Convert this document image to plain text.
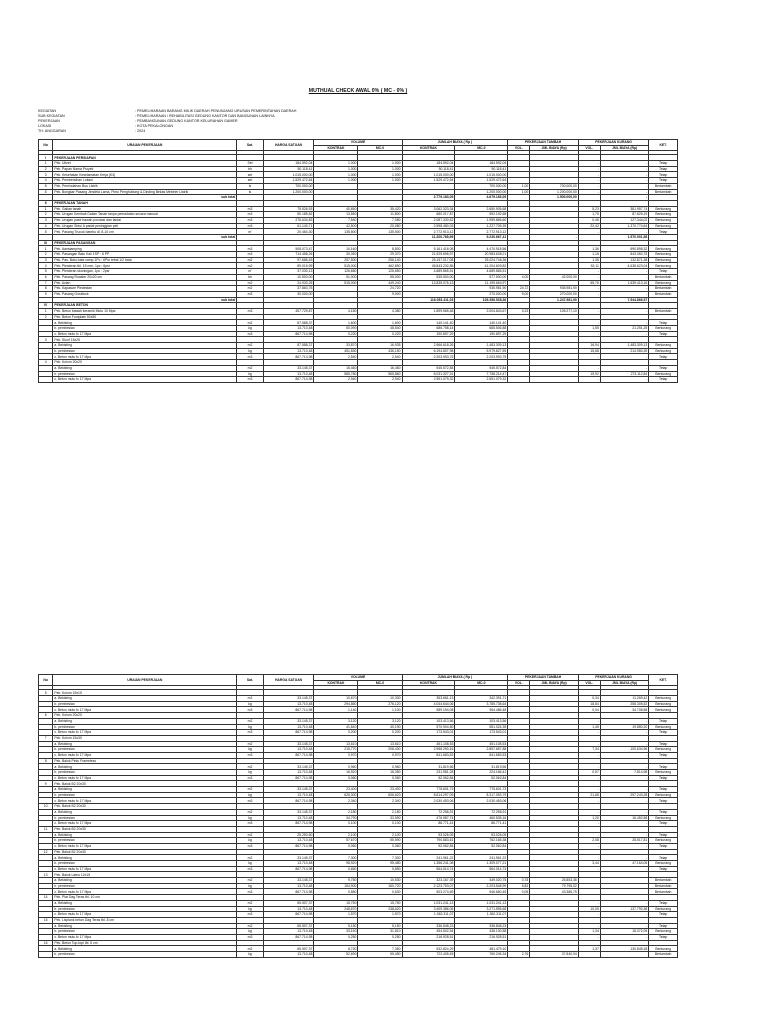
MUTHUAL CHECK AWAL 0% ( MC - 0% )
KEGIATAN	: PEMELIHARAAN BARANG MILIK DAERAH PENUNJANG URUSAN PEMERINTAHAN DAERAH
SUB KEGIATAN	: PEMELIHARAAN / REHABILITASI GEDUNG KANTOR DAN BANGUNAN LAINNYA
PEKERJAAN	: PEMBANGUNAN GEDUNG KANTOR KELURAHAN GAMER
LOKASI	: KOTA PEKALONGAN
TH. ANGGARAN	: 2024
No	URAIAN PEKERJAAN	Sat.	HARGA SATUAN	VOLUME		JUMLAH BIAYA ( Rp )		PEKERJAAN TAMBAH		PEKERJAAN KURANG		KET.
				KONTRAK	MC-0	KONTRAK	MC-0	VOL.	JML BIAYA (Rp)	VOL.	JML BIAYA (Rp)	

I	PEKERJAAN PERSIAPAN											
1	Pek. Uitzet	Set	184.592,04	1.000	1.000	184.592,04	184.592,04			-	-	Tetap
2	Pek. Papan Nama Proyek	bh	50.118,41	1.000	1.000	50.118,41	50.118,41			-	-	Tetap
3	Pek. Kesehatan Keselamatan Kerja (K3)	set	1.015.000,00	1.000	1.000	1.015.000,00	1.015.000,00			-	-	Tetap
4	Pek. Pembersihan Lokasi	set	1.529.472,64	1.000	1.000	1.529.472,64	1.529.472,64			-	-	Tetap
5	Pek. Pemindahan Bsu Listrik	ls	700.000,00				700.000,00	1,00	700.000,00	-	-	Bertambah
6	Pek. Bongkar Pasang Jendela Lama, Pintu Penghubung & Dinding Bekas Mebeler Listrik	ls	1.200.000,00				1.200.000,00	1,00	1.200.000,00	-	-	Bertambah
	sub total					2.779.183,09	4.679.183,09		1.900.000,00		-	
II	PEKERJAAN TANAH											
1	Pek. Galian tanah	m3	75.526,93	40,650	35,420	3.062.323,34	2.680.905,68			5,23	381.957,74	Berkurang
2	Pek. Urugan Kembali Galian Tanah tanpa pemadatan secara manual	m3	50.185,82	13,550	11,800	680.017,87	592.192,68			1,75	87.825,19	Berkurang
3	Pek. Urugan pasir bawah pondasi dan lantai	m3	276.634,83	7,540	7,080	2.087.330,62	1.959.866,60			0,46	127.344,02	Berkurang
4	Pek. Urugan Sirtu/ A padat peninggian peil	m3	61.140,71	42,500	20,080	2.598.480,03	1.227.705,39			22,42	1.370.774,64	Berkurang
5	Pek. Pasang Trucuk bambu dl. 8-10 cm	m'	20.464,30	135,500	135,500	2.772.913,12	2.772.913,12			-	-	Tetap
	sub total					11.200.768,99	9.230.667,41		-		1.970.901,58	
III	PEKERJAAN PASANGAN											
1	Pek. Aanstamping	m3	508.073,47	10,160	8,800	5.161.416,08	4.470.918,56			1,36	690.898,32	Berkurang
2	Pek. Pasangan Batu Kali 1SP : 6 PP	m3	714.458,26	30,050	29,370	21.529.698,97	20.983.638,21			1,16	843.060,75	Berkurang
3	Pek. Pas. Batu bata camp 1Pc : 6Psr tebal 1/2 bata	m2	97.686,49	257,500	256,140	25.157.017,08	25.024.746,36			1,36	132.871,38	Berkurang
4	Pek. Plesteran tbl. 15 mm, 1pc : 6psr	m2	89.015,99	515,000	462,890	45.843.232,85	41.204.609,82			52,11	4.638.623,04	Berkurang
5	Pek. Plesteran skoningan, 1pc : 2psr	m'	37.030,13	126,650	126,650	4.689.865,51	4.689.865,51			-	-	Tetap
6	Pek. Pasang Roaster 20x20 cm	bh	10.500,00	51,000	55,000	535.500,00	577.500,00	4,00	42.000,00	-	-	Bertambah
7	Pek. Acian	m2	24.930,25	515,000	449,240	12.839.076,13	11.199.664,97			65,76	1.639.413,16	Berkurang
8	Pek. Kapasize Pledestan	m2	37.863,75		24,720		935.981,90	24,72	935.981,90	-	-	Bertambah
9	Pek. Pasang Gosblock	m3	30.000,00		9,000		270.000,00	9,00	270.000,00	-	-	Bertambah
	sub total					116.053.411,03	109.356.538,36		1.247.981,90		7.944.866,57	
IV	PEKERJAAN BETON											
1	Pek. Beton bawah keramik Mutu 10 Mpa	m3	457.729,87	4,150	4,380	1.899.565,48	2.004.843,67	0,23	105.277,10	-	-	Bertambah
2	Pek. Beton Footplate 50x50											
	a. Bekisting	m2	87.588,37	1,600	1,600	140.141,40	140.141,40			-	-	Tetap
	b. pembesian	kg	13.710,48	50,090	48,540	686.758,14	665.506,88			1,55	21.251,25	Berkurang
	c. Beton mutu fc 17 Mpa	m3	867.714,98	0,220	0,220	190.897,29	190.897,29			-	-	Tetap
3	Pek. Sloof 15x25											
	a. Bekisting	m2	87.588,37	33,870	16,935	2.966.618,26	1.483.309,13			16,94	1.483.309,13	Berkurang
	b. pembesian	kg	13.710,48	451,830	436,150	6.194.807,98	5.979.827,59			15,68	214.980,39	Berkurang
	c. Beton mutu fc 17 Mpa	m3	867.714,98	2,540	2,540	2.203.993,75	2.203.993,75			-	-	Tetap
4	Pek. Kolom 20x20											
	a. Bekisting	m2	33.145,37	16,460	16,460	545.572,84	545.572,84			-	-	Tetap
	b. pembesian	kg	13.710,48	585,780	565,860	8.031.327,31	7.758.214,47			19,92	273.112,84	Berkurang
	c. Beton mutu fc 17 Mpa	m3	867.714,98	2,940	2,940	2.551.079,32	2.551.079,32			-	-	Tetap
No	URAIAN PEKERJAAN	Sat.	HARGA SATUAN	VOLUME		JUMLAH BIAYA ( Rp )		PEKERJAAN TAMBAH		PEKERJAAN KURANG		KET.
				KONTRAK	MC-0	KONTRAK	MC-0	VOL.	JML BIAYA (Rp)	VOL.	JML BIAYA (Rp)	

5	Pek. Kolom 15x15											
	a. Bekisting	m2	33.145,37	10,670	10,330	353.661,13	342.391,71			0,34	11.269,42	Berkurang
	b. pembesian	kg	13.710,48	294,860	276,120	4.044.644,06	3.785.738,64			18,84	258.305,52	Berkurang
	c. Beton mutu fc 17 Mpa	m3	867.714,98	1,140	1,100	989.194,08	954.486,48			0,04	34.708,58	Berkurang
6	Pek. Kolom 20x20											
	a. Bekisting	m2	33.145,37	3,120	3,120	103.413,56	103.413,56			-	-	Tetap
	b. pembesian	kg	13.710,48	41,640	40,190	570.904,50	551.024,35			1,45	19.880,20	Berkurang
	c. Beton mutu fc 17 Mpa	m3	867.714,98	0,200	0,200	173.543,01	173.543,01			-	-	Tetap
7	Pek. Kolom 15x30											
	a. Bekisting	m2	33.145,37	13,610	13,610	451.108,53	451.108,53			-	-	Tetap
	b. pembesian	kg	13.710,48	215,770	208,430	2.958.290,16	2.857.657,88			7,34	100.634,96	Berkurang
	c. Beton mutu fc 17 Mpa	m3	867.714,98	0,970	0,970	841.683,53	841.683,53			-	-	Tetap
8	Pek. Balok Pintu Frameless											
	a. Bekisting	m2	33.145,37	0,960	0,960	31.819,56	31.819,56			-	-	Tetap
	b. pembesian	kg	13.710,48	16,920	16,350	231.981,28	224.166,41			0,57	7.814,98	Berkurang
	c. Beton mutu fc 17 Mpa	m3	867.714,98	0,060	0,060	52.062,84	52.062,84			-	-	Tetap
9	Pek. Balok B2 20x30											
	a. Bekisting	m2	33.145,37	23,400	23,400	775.601,73	775.601,73			-	-	Tetap
	b. pembesian	kg	13.710,48	626,300	606,620	8.614.297,09	8.317.053,79			21,68	297.243,28	Berkurang
	c. Beton mutu fc 17 Mpa	m3	867.714,98	2,340	2,340	2.030.453,06	2.030.453,06			-	-	Tetap
10	Pek. Balok B2 20x30											
	a. Bekisting	m2	33.145,37	2,180	2,180	72.256,91	72.256,91			-	-	Tetap
	b. pembesian	kg	13.710,48	34,790	33,590	476.987,74	460.535,16			1,20	16.452,58	Berkurang
	c. Beton mutu fc 17 Mpa	m3	867.714,98	0,100	0,100	86.771,41	86.771,41			-	-	Tetap
11	Pek. Balok B2 20x30											
	a. Bekisting	m2	25.250,50	2,100	2,100	53.026,05	53.026,05			-	-	Tetap
	b. pembesian	kg	13.710,48	57,670	55,590	790.683,61	762.165,38			2,08	28.517,81	Berkurang
	c. Beton mutu fc 17 Mpa	m3	867.714,98	0,060	0,060	52.062,84	52.062,84			-	-	Tetap
12	Pek. Balok B2 20x30											
	a. Bekisting	m2	33.145,37	7,300	7,300	241.961,22	241.961,22			-	-	Tetap
	b. pembesian	kg	13.710,48	98,920	95,480	1.356.241,08	1.309.077,21			3,44	47.164,05	Berkurang
	c. Beton mutu fc 17 Mpa	m3	867.714,98	0,650	0,650	564.014,74	564.014,74			-	-	Tetap
13	Pek. Balok Lateu 12x15											
	a. Bekisting	m2	33.145,37	9,750	10,530	323.167,39	349.020,75	0,78	25.853,36			Bertambah
	b. pembesian	kg	13.710,48	154,900	160,720	2.123.753,07	2.203.548,99	5,82	79.795,02			Bertambah
	c. Beton mutu fc 17 Mpa	m3	867.714,98	0,580	0,630	503.274,69	546.660,45	0,05	43.385,75			Bertambah
14	Pek. Plat Dag Teras tbl. 10 cm											
	a. Bekisting	m2	65.507,37	15,750	15,750	1.031.241,13	1.031.241,13			-	-	Tetap
	b. pembesian	kg	13.710,48	248,670	238,620	3.409.386,05	3.271.595,68			10,05	137.790,38	Berkurang
	c. Beton mutu fc 17 Mpa	m3	867.714,98	1,570	1,570	1.362.311,07	1.362.311,07			-	-	Tetap
15	Pek. Lisplank beton Dag Teras tbl. 8 cm											
	a. Bekisting	m2	65.507,37	5,150	5,150	336.848,23	336.848,23			-	-	Tetap
	b. pembesian	kg	13.710,48	33,150	31,810	454.502,54	436.130,58			1,34	18.372,05	Berkurang
	c. Beton mutu fc 17 Mpa	m3	867.714,98	0,250	0,250	216.928,51	216.928,51			-	-	Tetap
16	Pek. Beton Top-topi tbl. 6 cm											
	a. Bekisting	m2	65.507,37	8,720	7,350	532.824,29	481.479,10			1,37	130.845,18	Berkurang
	b. pembesian	kg	13.710,48	52,690	55,450	722.405,45	760.246,34	2,76	37.840,94			Bertambah
